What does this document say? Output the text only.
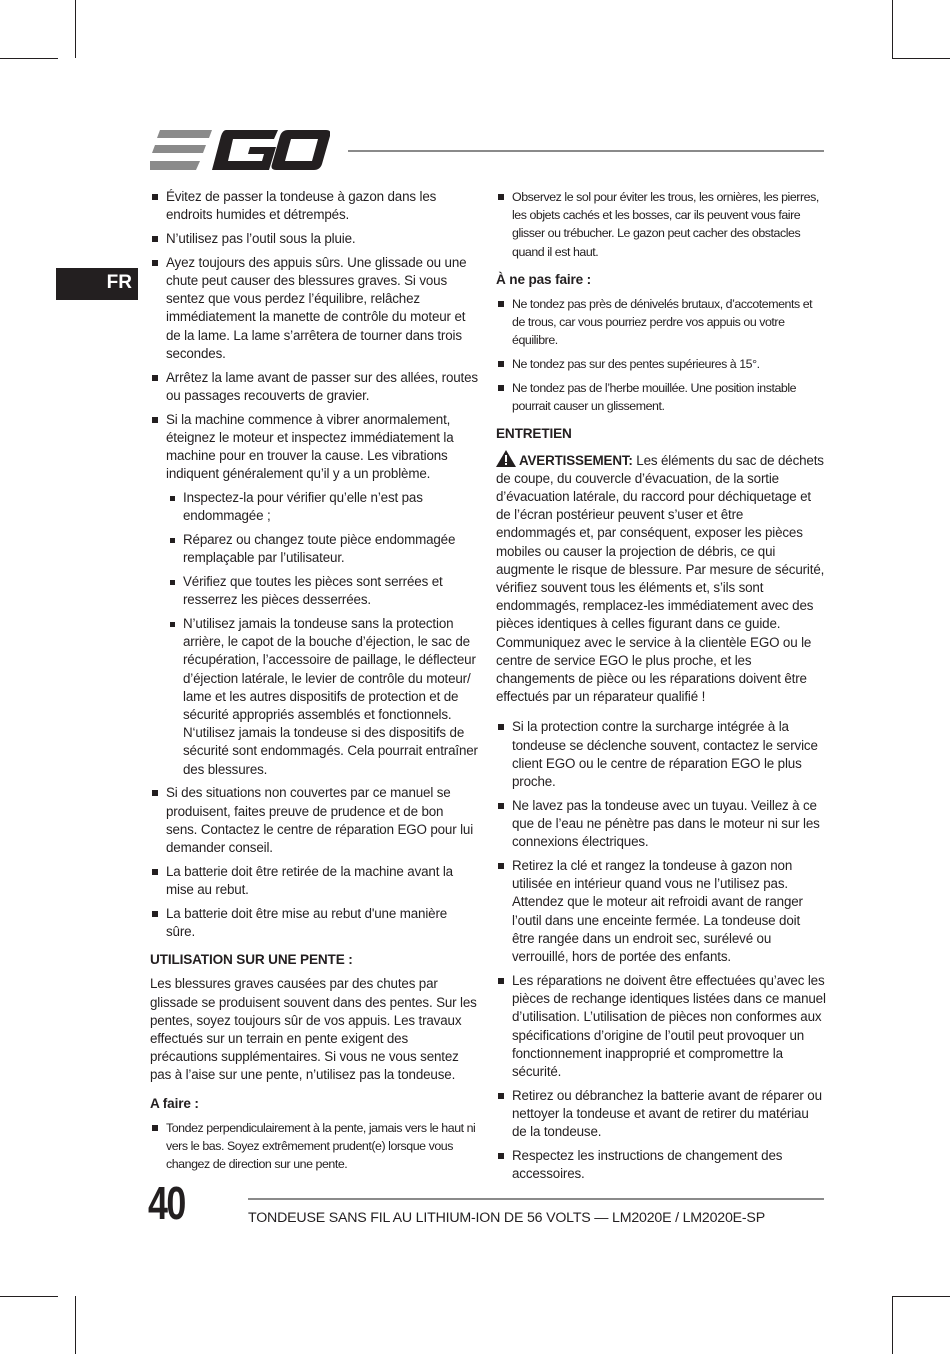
FR
Évitez de passer la tondeuse à gazon dans les endroits humides et détrempés.
N’utilisez pas l’outil sous la pluie.
Ayez toujours des appuis sûrs. Une glissade ou une chute peut causer des blessures graves. Si vous sentez que vous perdez l’équilibre, relâchez immédiatement la manette de contrôle du moteur et de la lame. La lame s’arrêtera de tourner dans trois secondes.
Arrêtez la lame avant de passer sur des allées, routes ou passages recouverts de gravier.
Si la machine commence à vibrer anormalement, éteignez le moteur et inspectez immédiatement la machine pour en trouver la cause. Les vibrations indiquent généralement qu’il y a un problème.
Inspectez-la pour vérifier qu’elle n’est pas endommagée ;
Réparez ou changez toute pièce endommagée remplaçable par l’utilisateur.
Vérifiez que toutes les pièces sont serrées et resserrez les pièces desserrées.
N’utilisez jamais la tondeuse sans la protection arrière, le capot de la bouche d’éjection, le sac de récupération, l’accessoire de paillage, le déflecteur d’éjection latérale, le levier de contrôle du moteur/ lame et les autres dispositifs de protection et de sécurité appropriés assemblés et fonctionnels. N‘utilisez jamais la tondeuse si des dispositifs de sécurité sont endommagés. Cela pourrait entraîner des blessures.
Si des situations non couvertes par ce manuel se produisent, faites preuve de prudence et de bon sens. Contactez le centre de réparation EGO pour lui demander conseil.
La batterie doit être retirée de la machine avant la mise au rebut.
La batterie doit être mise au rebut d'une manière sûre.
UTILISATION SUR UNE PENTE :

Les blessures graves causées par des chutes par glissade se produisent souvent dans des pentes. Sur les pentes, soyez toujours sûr de vos appuis. Les travaux effectués sur un terrain en pente exigent des précautions supplémentaires. Si vous ne vous sentez pas à l’aise sur une pente, n’utilisez pas la tondeuse.

A faire :
Tondez perpendiculairement à la pente, jamais vers le haut ni vers le bas. Soyez extrêmement prudent(e) lorsque vous changez de direction sur une pente.
Observez le sol pour éviter les trous, les ornières, les pierres, les objets cachés et les bosses, car ils peuvent vous faire glisser ou trébucher. Le gazon peut cacher des obstacles quand il est haut.
À ne pas faire :
Ne tondez pas près de dénivelés brutaux, d’accotements et de trous, car vous pourriez perdre vos appuis ou votre équilibre.
Ne tondez pas sur des pentes supérieures à 15°.
Ne tondez pas de l’herbe mouillée. Une position instable pourrait causer un glissement.
ENTRETIEN

AVERTISSEMENT: Les éléments du sac de déchets de coupe, du couvercle d’évacuation, de la sortie d’évacuation latérale, du raccord pour déchiquetage et de l’écran postérieur peuvent s’user et être endommagés et, par conséquent, exposer les pièces mobiles ou causer la projection de débris, ce qui augmente le risque de blessure. Par mesure de sécurité, vérifiez souvent tous les éléments et, s’ils sont endommagés, remplacez-les immédiatement avec des pièces identiques à celles figurant dans ce guide. Communiquez avec le service à la clientèle EGO ou le centre de service EGO le plus proche, et les changements de pièce ou les réparations doivent être effectués par un réparateur qualifié !

Si la protection contre la surcharge intégrée à la tondeuse se déclenche souvent, contactez le service client EGO ou le centre de réparation EGO le plus proche.
Ne lavez pas la tondeuse avec un tuyau. Veillez à ce que de l’eau ne pénètre pas dans le moteur ni sur les connexions électriques.
Retirez la clé et rangez la tondeuse à gazon non utilisée en intérieur quand vous ne l’utilisez pas. Attendez que le moteur ait refroidi avant de ranger l’outil dans une enceinte fermée. La tondeuse doit être rangée dans un endroit sec, surélevé ou verrouillé, hors de portée des enfants.
Les réparations ne doivent être effectuées qu’avec les pièces de rechange identiques listées dans ce manuel d’utilisation. L’utilisation de pièces non conformes aux spécifications d’origine de l’outil peut provoquer un fonctionnement inapproprié et compromettre la sécurité.
Retirez ou débranchez la batterie avant de réparer ou nettoyer la tondeuse et avant de retirer du matériau de la tondeuse.
Respectez les instructions de changement des accessoires.
40	TONDEUSE SANS FIL AU LITHIUM-ION DE 56 VOLTS — LM2020E / LM2020E-SP
